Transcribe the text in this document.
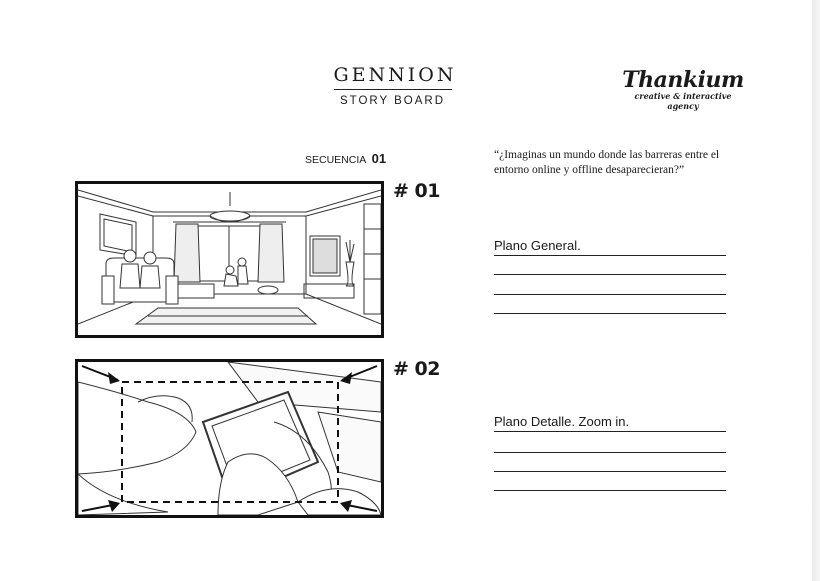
GENNION
STORY BOARD
Thankium
creative & interactive agency
SECUENCIA 01	“¿Imaginas un mundo donde las barreras entre el entorno online y offline desaparecieran?”
# 01
Plano General.
# 02
Plano Detalle. Zoom in.
